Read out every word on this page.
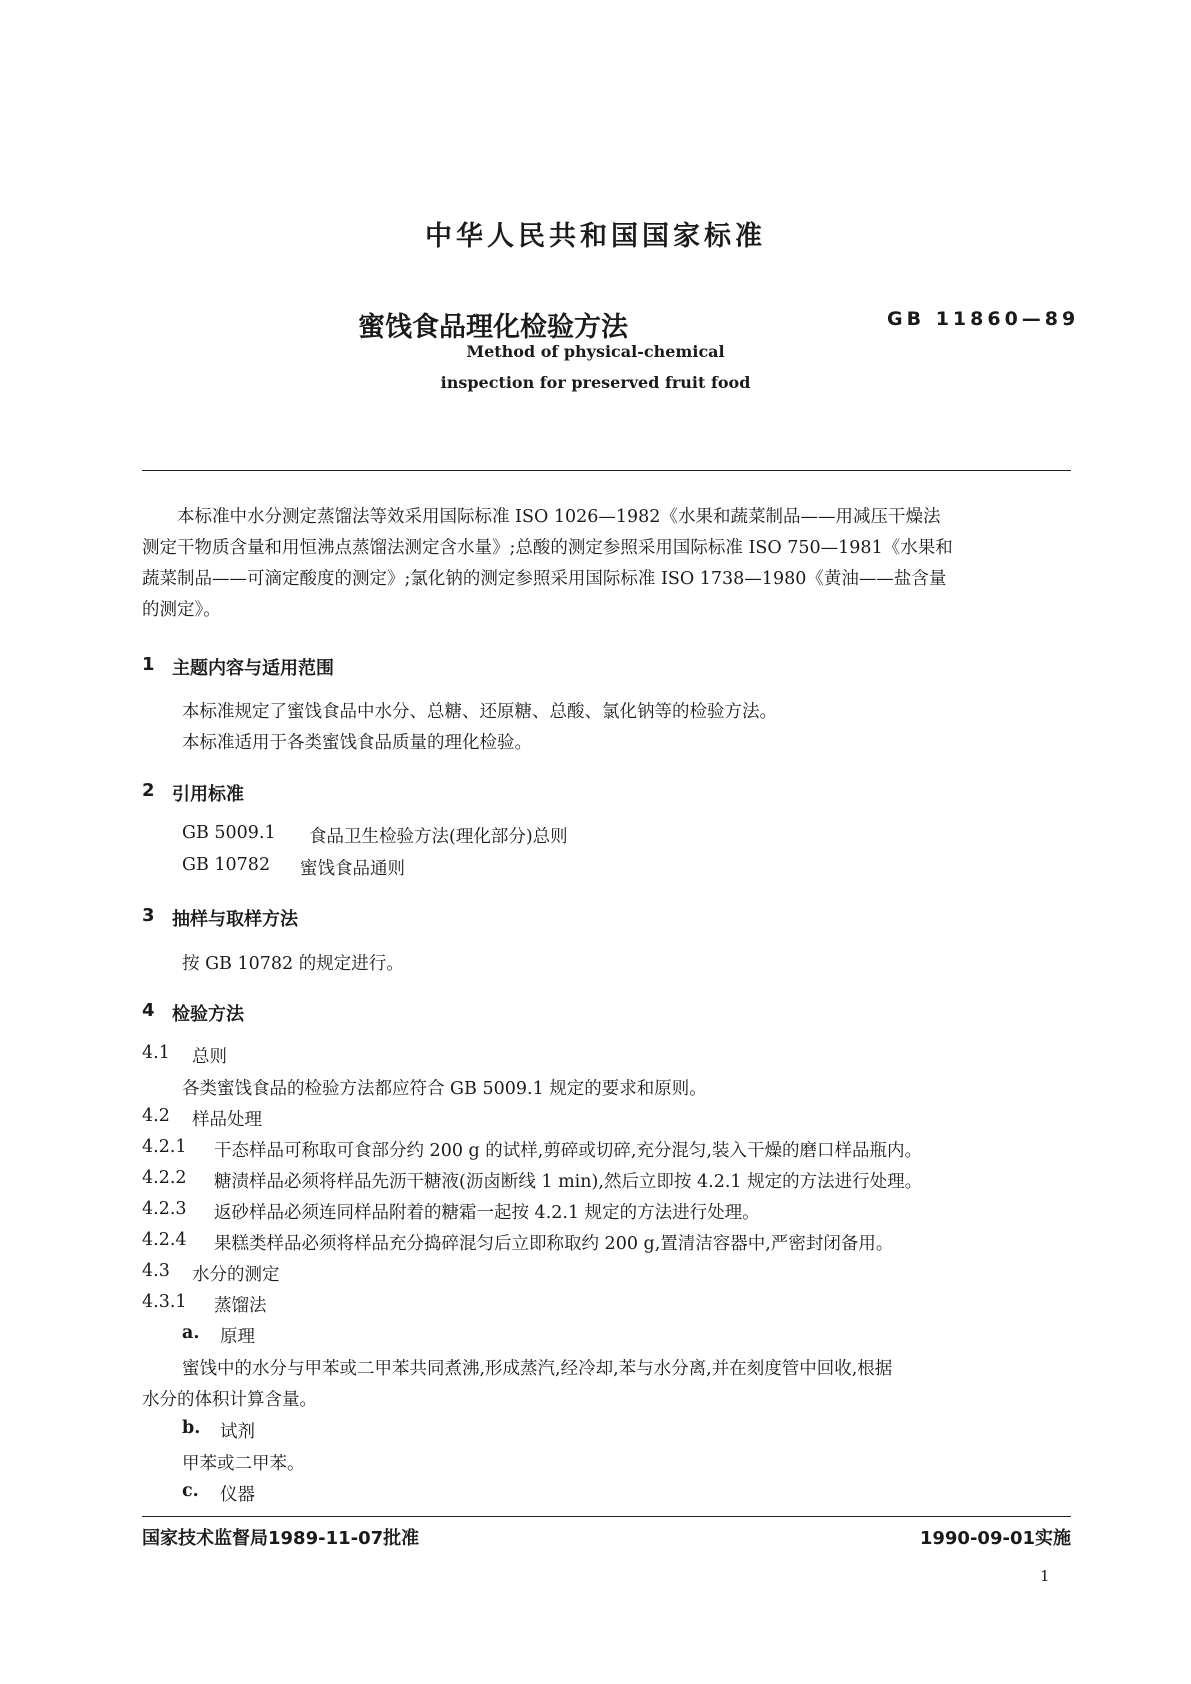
中华人民共和国国家标准
蜜饯食品理化检验方法	GB 11860—89
Method of physical-chemical
inspection for preserved fruit food
本标准中水分测定蒸馏法等效采用国际标准 ISO 1026—1982《水果和蔬菜制品——用减压干燥法
测定干物质含量和用恒沸点蒸馏法测定含水量》;总酸的测定参照采用国际标准 ISO 750—1981《水果和
蔬菜制品——可滴定酸度的测定》;氯化钠的测定参照采用国际标准 ISO 1738—1980《黄油——盐含量
的测定》。
1 主题内容与适用范围
本标准规定了蜜饯食品中水分、总糖、还原糖、总酸、氯化钠等的检验方法。
本标准适用于各类蜜饯食品质量的理化检验。
2 引用标准
GB 5009.1 食品卫生检验方法(理化部分)总则
GB 10782 蜜饯食品通则
3 抽样与取样方法
按 GB 10782 的规定进行。
4 检验方法
4.1 总则
各类蜜饯食品的检验方法都应符合 GB 5009.1 规定的要求和原则。
4.2 样品处理
4.2.1 干态样品可称取可食部分约 200 g 的试样,剪碎或切碎,充分混匀,装入干燥的磨口样品瓶内。
4.2.2 糖渍样品必须将样品先沥干糖液(沥卤断线 1 min),然后立即按 4.2.1 规定的方法进行处理。
4.2.3 返砂样品必须连同样品附着的糖霜一起按 4.2.1 规定的方法进行处理。
4.2.4 果糕类样品必须将样品充分捣碎混匀后立即称取约 200 g,置清洁容器中,严密封闭备用。
4.3 水分的测定
4.3.1 蒸馏法
a. 原理
蜜饯中的水分与甲苯或二甲苯共同煮沸,形成蒸汽,经冷却,苯与水分离,并在刻度管中回收,根据
水分的体积计算含量。
b. 试剂
甲苯或二甲苯。
c. 仪器
国家技术监督局1989-11-07批准	1990-09-01实施
1
